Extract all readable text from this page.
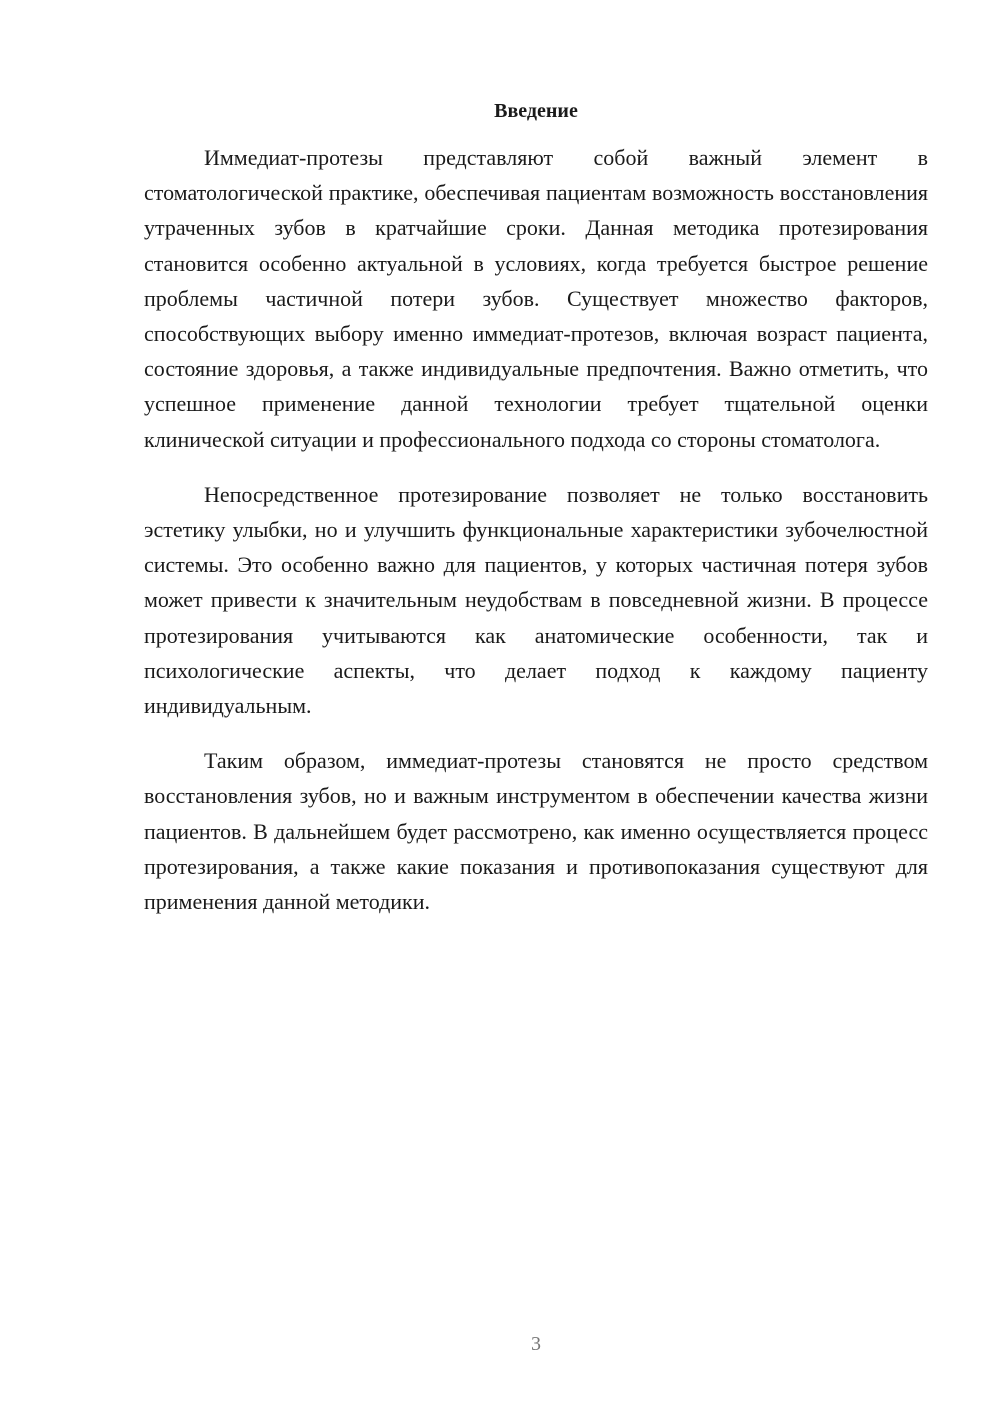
Введение

Иммедиат-протезы представляют собой важный элемент в стоматологической практике, обеспечивая пациентам возможность восстановления утраченных зубов в кратчайшие сроки. Данная методика протезирования становится особенно актуальной в условиях, когда требуется быстрое решение проблемы частичной потери зубов. Существует множество факторов, способствующих выбору именно иммедиат-протезов, включая возраст пациента, состояние здоровья, а также индивидуальные предпочтения. Важно отметить, что успешное применение данной технологии требует тщательной оценки клинической ситуации и профессионального подхода со стороны стоматолога.

Непосредственное протезирование позволяет не только восстановить эстетику улыбки, но и улучшить функциональные характеристики зубочелюстной системы. Это особенно важно для пациентов, у которых частичная потеря зубов может привести к значительным неудобствам в повседневной жизни. В процессе протезирования учитываются как анатомические особенности, так и психологические аспекты, что делает подход к каждому пациенту индивидуальным.

Таким образом, иммедиат-протезы становятся не просто средством восстановления зубов, но и важным инструментом в обеспечении качества жизни пациентов. В дальнейшем будет рассмотрено, как именно осуществляется процесс протезирования, а также какие показания и противопоказания существуют для применения данной методики.

3
